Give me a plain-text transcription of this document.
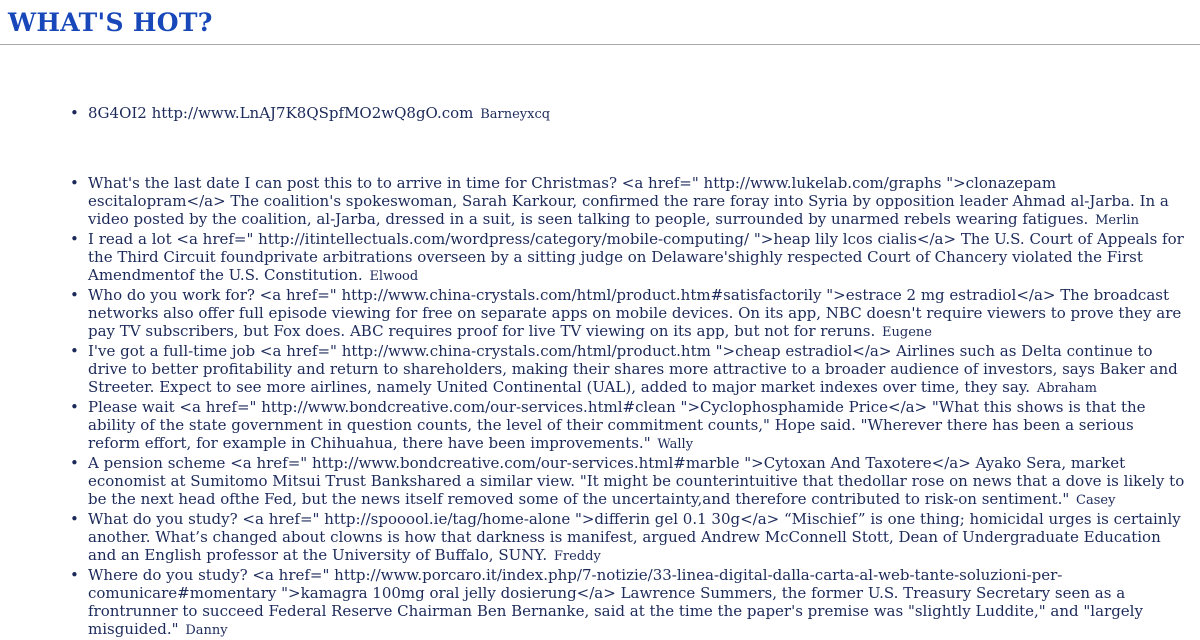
WHAT'S HOT?
• 8G4OI2 http://www.LnAJ7K8QSpfMO2wQ8gO.com Barneyxcq
• What's the last date I can post this to to arrive in time for Christmas? <a href=" http://www.lukelab.com/graphs ">clonazepam escitalopram</a> The coalition's spokeswoman, Sarah Karkour, confirmed the rare foray into Syria by opposition leader Ahmad al-Jarba. In a video posted by the coalition, al-Jarba, dressed in a suit, is seen talking to people, surrounded by unarmed rebels wearing fatigues. Merlin
• I read a lot <a href=" http://itintellectuals.com/wordpress/category/mobile-computing/ ">heap lily lcos cialis</a> The U.S. Court of Appeals for the Third Circuit foundprivate arbitrations overseen by a sitting judge on Delaware'shighly respected Court of Chancery violated the First Amendmentof the U.S. Constitution. Elwood
• Who do you work for? <a href=" http://www.china-crystals.com/html/product.htm#satisfactorily ">estrace 2 mg estradiol</a> The broadcast networks also offer full episode viewing for free on separate apps on mobile devices. On its app, NBC doesn't require viewers to prove they are pay TV subscribers, but Fox does. ABC requires proof for live TV viewing on its app, but not for reruns. Eugene
• I've got a full-time job <a href=" http://www.china-crystals.com/html/product.htm ">cheap estradiol</a> Airlines such as Delta continue to drive to better profitability and return to shareholders, making their shares more attractive to a broader audience of investors, says Baker and Streeter. Expect to see more airlines, namely United Continental (UAL), added to major market indexes over time, they say. Abraham
• Please wait <a href=" http://www.bondcreative.com/our-services.html#clean ">Cyclophosphamide Price</a> "What this shows is that the ability of the state government in question counts, the level of their commitment counts," Hope said. "Wherever there has been a serious reform effort, for example in Chihuahua, there have been improvements." Wally
• A pension scheme <a href=" http://www.bondcreative.com/our-services.html#marble ">Cytoxan And Taxotere</a> Ayako Sera, market economist at Sumitomo Mitsui Trust Bankshared a similar view. "It might be counterintuitive that thedollar rose on news that a dove is likely to be the next head ofthe Fed, but the news itself removed some of the uncertainty,and therefore contributed to risk-on sentiment." Casey
• What do you study? <a href=" http://spooool.ie/tag/home-alone ">differin gel 0.1 30g</a> “Mischief” is one thing; homicidal urges is certainly another. What’s changed about clowns is how that darkness is manifest, argued Andrew McConnell Stott, Dean of Undergraduate Education and an English professor at the University of Buffalo, SUNY. Freddy
• Where do you study? <a href=" http://www.porcaro.it/index.php/7-notizie/33-linea-digital-dalla-carta-al-web-tante-soluzioni-per-comunicare#momentary ">kamagra 100mg oral jelly dosierung</a> Lawrence Summers, the former U.S. Treasury Secretary seen as a frontrunner to succeed Federal Reserve Chairman Ben Bernanke, said at the time the paper's premise was "slightly Luddite," and "largely misguided." Danny
